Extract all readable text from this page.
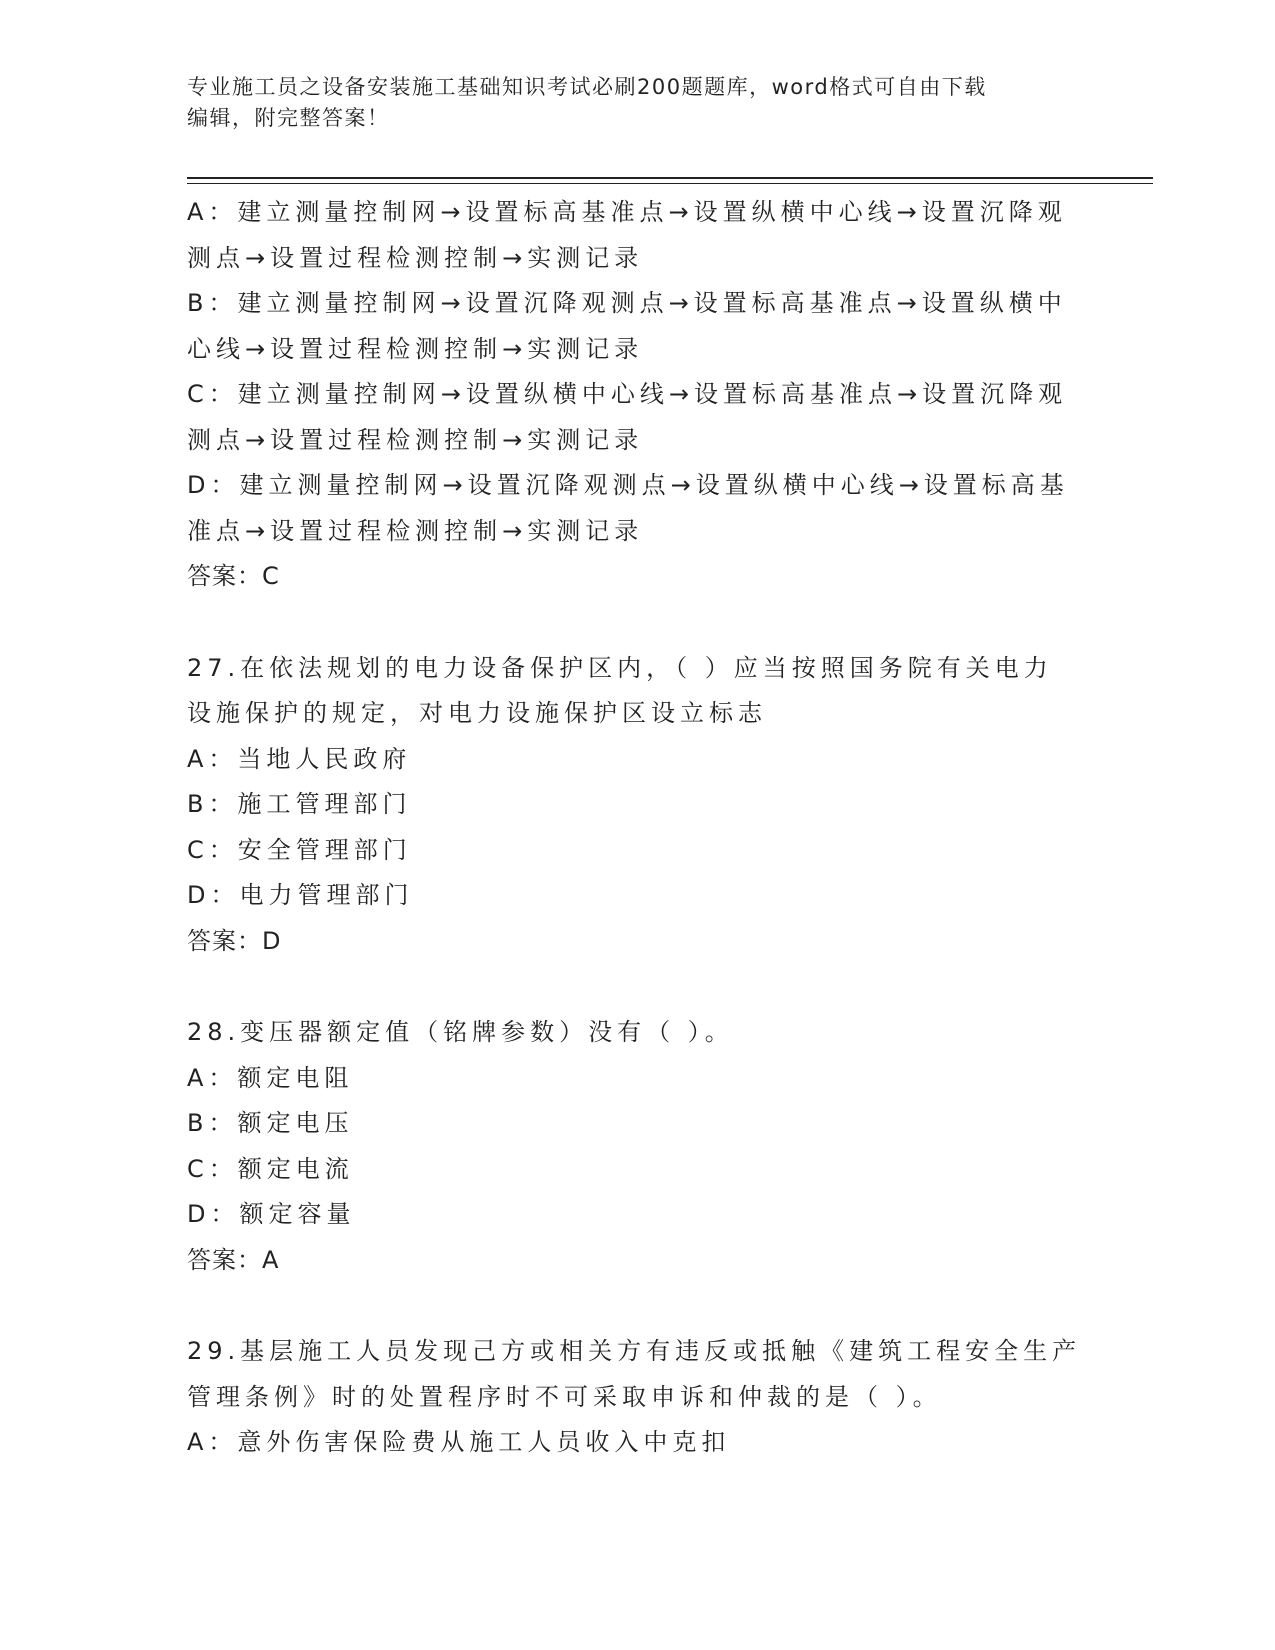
专业施工员之设备安装施工基础知识考试必刷200题题库，word格式可自由下载
编辑，附完整答案！
A：建立测量控制网→设置标高基准点→设置纵横中心线→设置沉降观
测点→设置过程检测控制→实测记录
B：建立测量控制网→设置沉降观测点→设置标高基准点→设置纵横中
心线→设置过程检测控制→实测记录
C：建立测量控制网→设置纵横中心线→设置标高基准点→设置沉降观
测点→设置过程检测控制→实测记录
D：建立测量控制网→设置沉降观测点→设置纵横中心线→设置标高基
准点→设置过程检测控制→实测记录
答案：C
27.在依法规划的电力设备保护区内，（ ）应当按照国务院有关电力
设施保护的规定，对电力设施保护区设立标志
A：当地人民政府
B：施工管理部门
C：安全管理部门
D：电力管理部门
答案：D
28.变压器额定值（铭牌参数）没有（ ）。
A：额定电阻
B：额定电压
C：额定电流
D：额定容量
答案：A
29.基层施工人员发现己方或相关方有违反或抵触《建筑工程安全生产
管理条例》时的处置程序时不可采取申诉和仲裁的是（ ）。
A：意外伤害保险费从施工人员收入中克扣
